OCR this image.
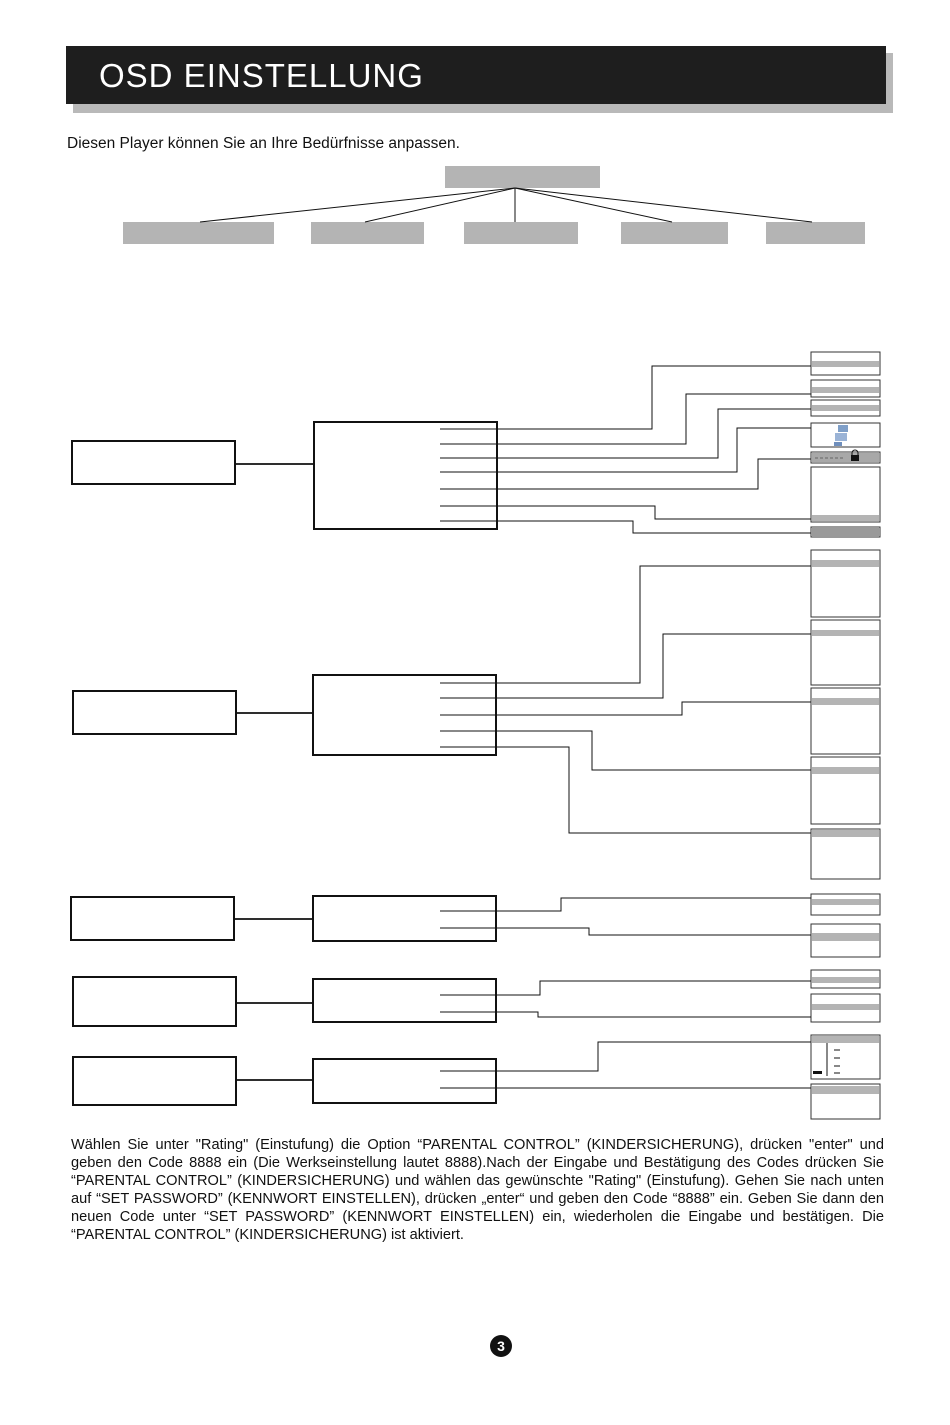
OSD EINSTELLUNG
Diesen Player können Sie an Ihre Bedürfnisse anpassen.
Wählen Sie unter "Rating" (Einstufung) die Option “PARENTAL CONTROL” (KINDERSICHERUNG), drücken "enter" und geben den Code 8888 ein (Die Werkseinstellung lautet 8888).Nach der Eingabe und Bestätigung des Codes drücken Sie “PARENTAL CONTROL” (KINDERSICHERUNG) und wählen das gewünschte "Rating" (Einstufung). Gehen Sie nach unten auf “SET PASSWORD” (KENNWORT EINSTELLEN), drücken „enter“ und geben den Code “8888” ein. Geben Sie dann den neuen Code unter “SET PASSWORD” (KENNWORT EINSTELLEN) ein, wiederholen die Eingabe und bestätigen. Die “PARENTAL CONTROL” (KINDERSICHERUNG) ist aktiviert.
3
